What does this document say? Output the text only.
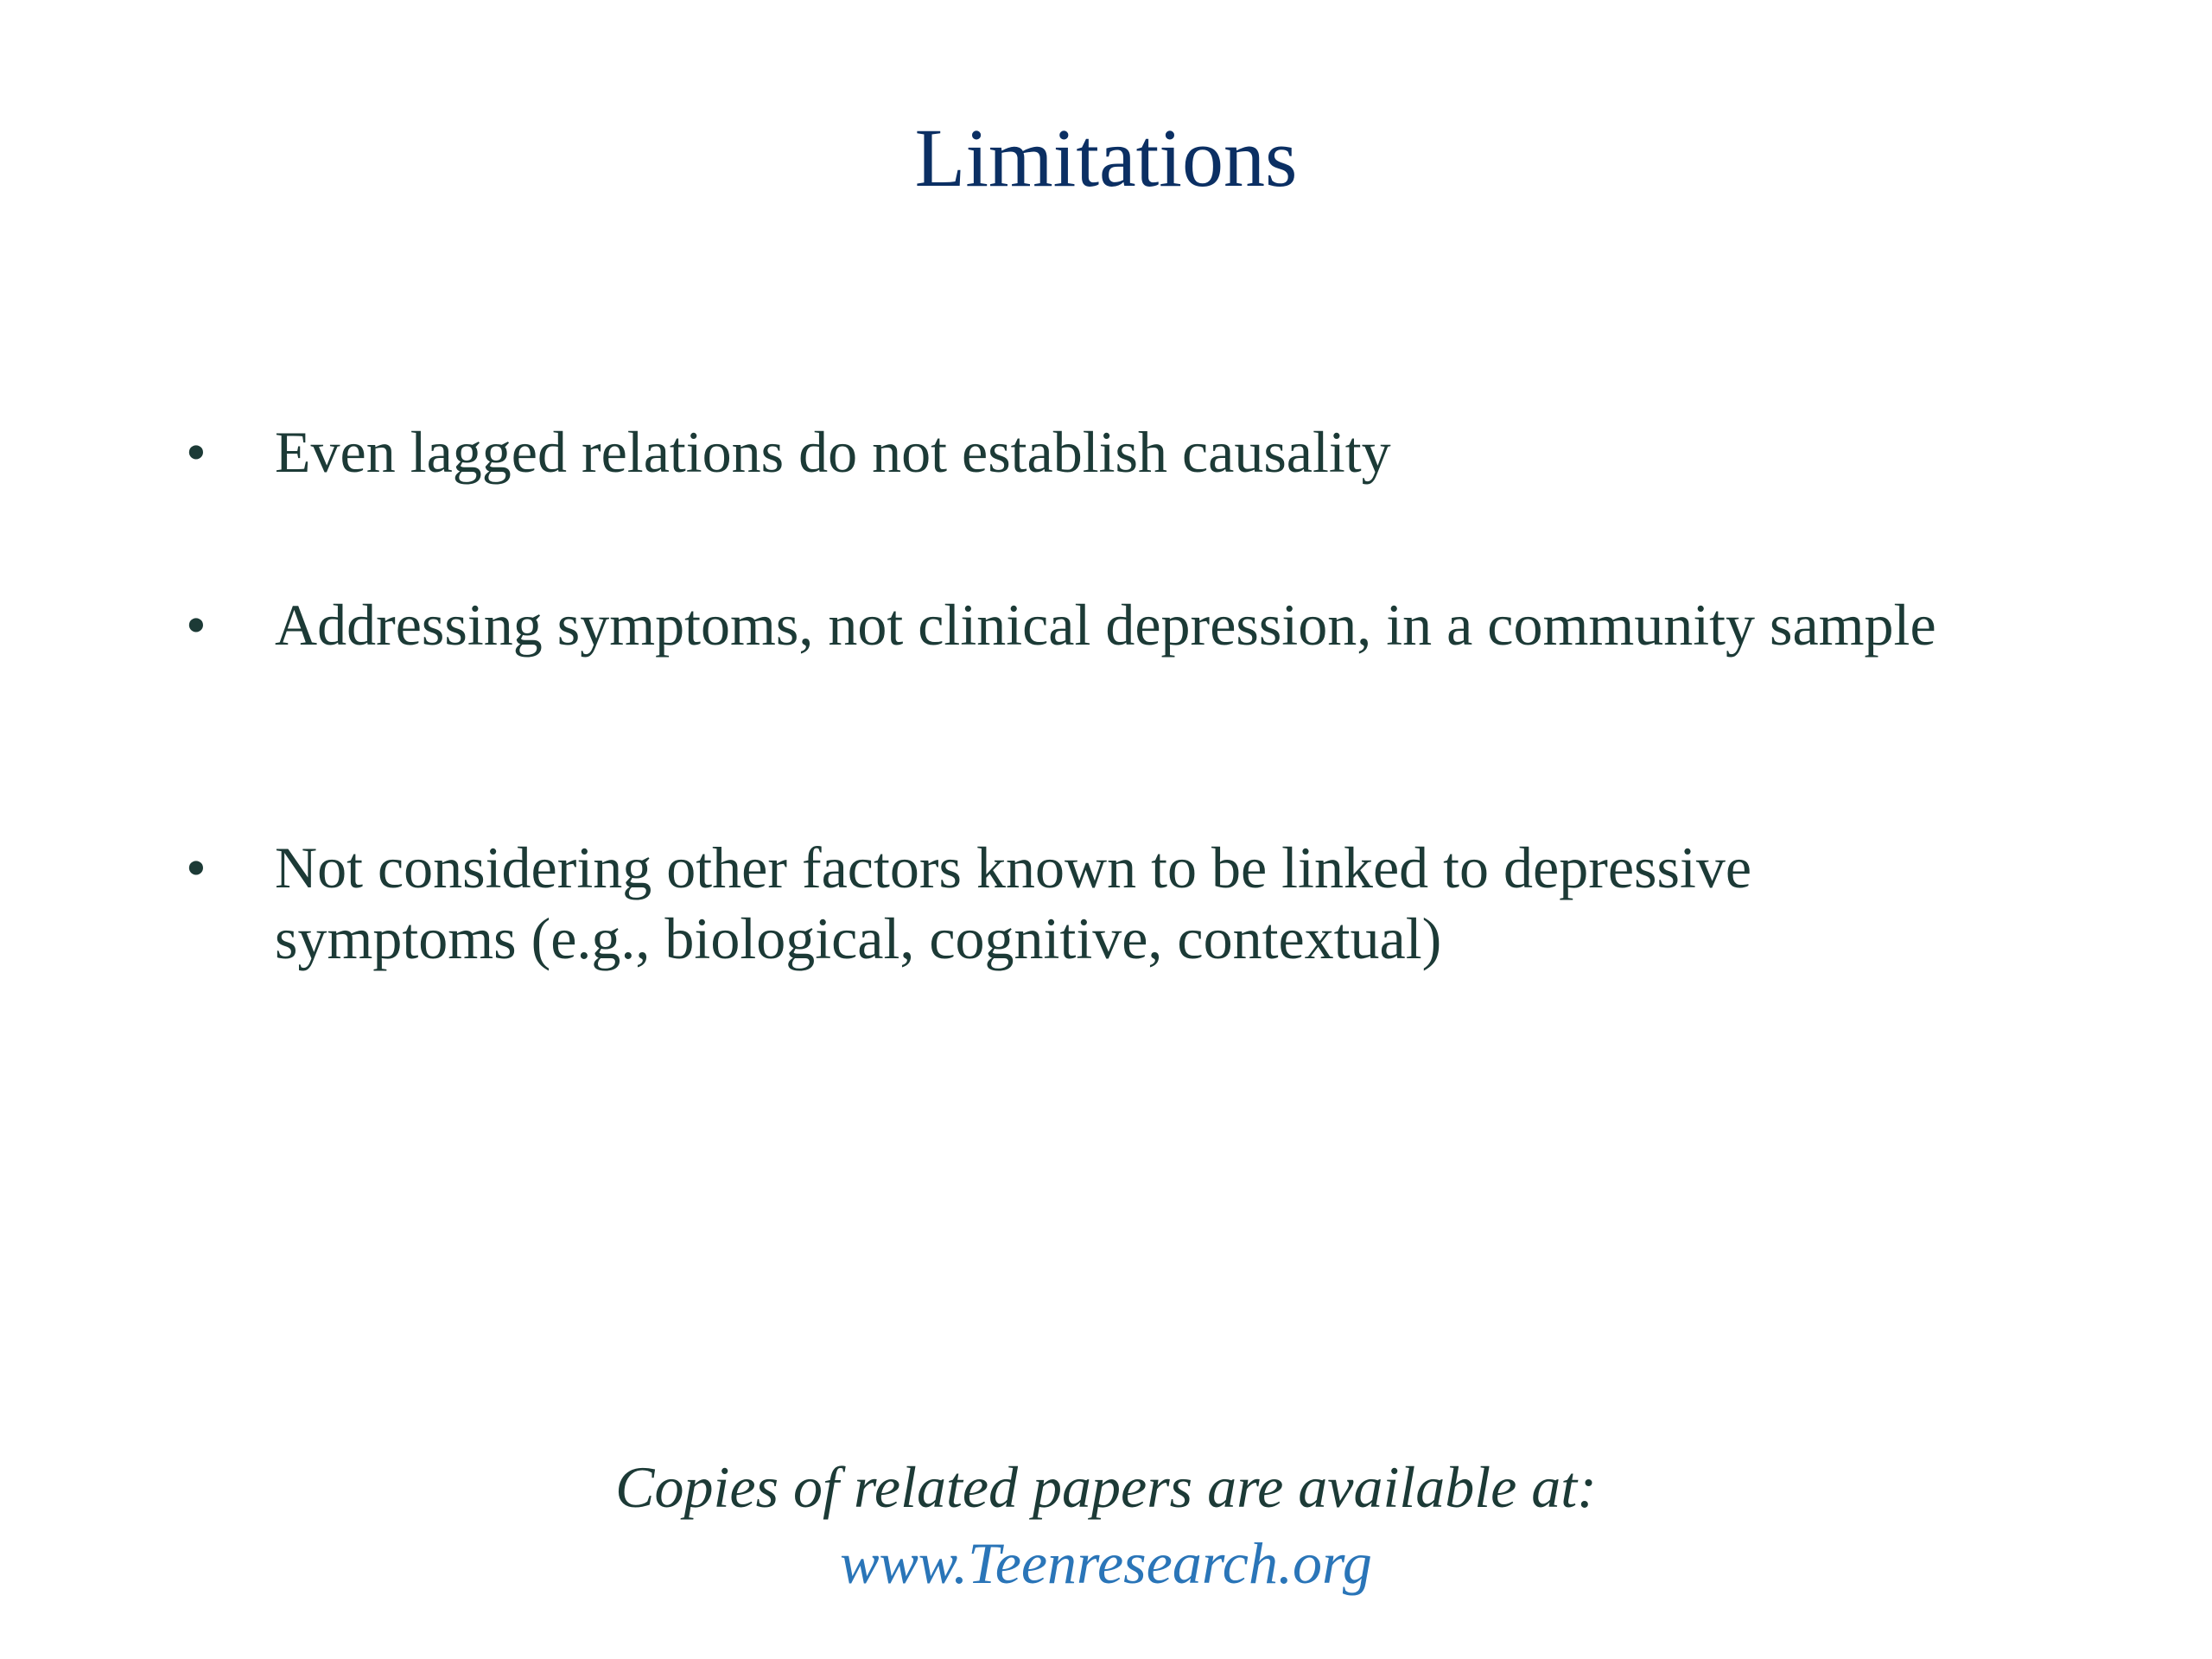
Limitations
• Even lagged relations do not establish causality
• Addressing symptoms, not clinical depression, in a community sample
• Not considering other factors known to be linked to depressive symptoms (e.g., biological, cognitive, contextual)
Copies of related papers are available at:
www.Teenresearch.org
